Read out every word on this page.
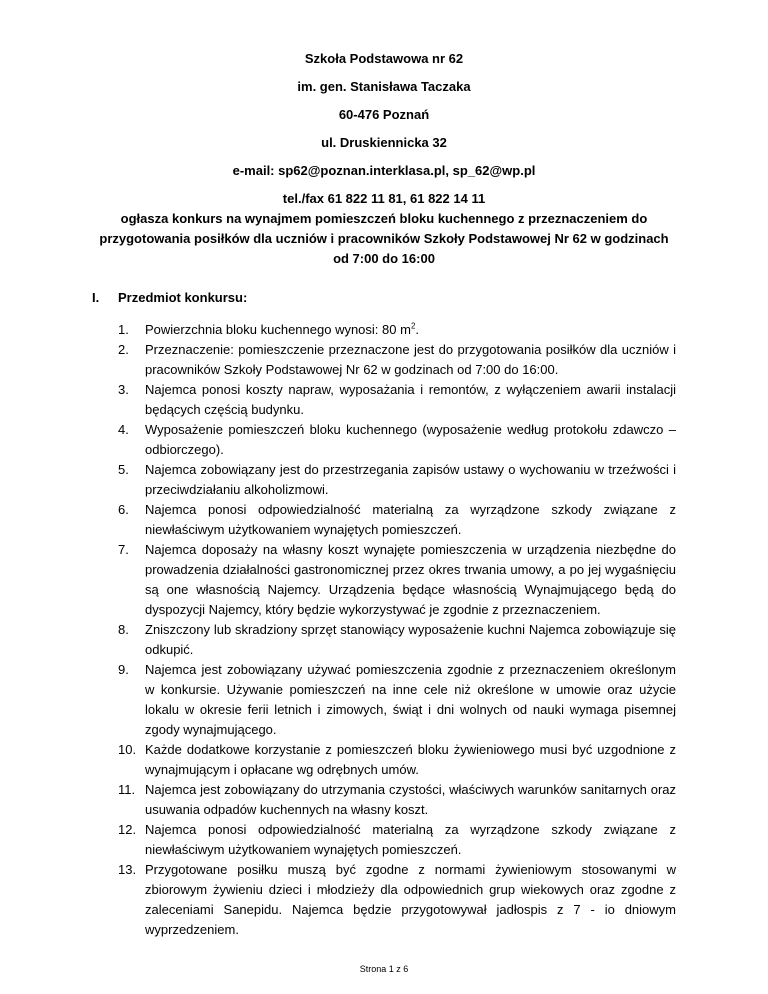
Szkoła Podstawowa nr 62
im. gen. Stanisława Taczaka
60-476 Poznań
ul. Druskiennicka 32
e-mail: sp62@poznan.interklasa.pl, sp_62@wp.pl
tel./fax 61 822 11 81, 61 822 14 11
ogłasza konkurs na wynajmem pomieszczeń bloku kuchennego z przeznaczeniem do przygotowania posiłków dla uczniów i pracowników Szkoły Podstawowej Nr 62 w godzinach od 7:00 do 16:00
I. Przedmiot konkursu:
1. Powierzchnia bloku kuchennego wynosi: 80 $m^2$.
2. Przeznaczenie: pomieszczenie przeznaczone jest do przygotowania posiłków dla uczniów i pracowników Szkoły Podstawowej Nr 62 w godzinach od 7:00 do 16:00.
3. Najemca ponosi koszty napraw, wyposażania i remontów, z wyłączeniem awarii instalacji będących częścią budynku.
4. Wyposażenie pomieszczeń bloku kuchennego (wyposażenie według protokołu zdawczo – odbiorczego).
5. Najemca zobowiązany jest do przestrzegania zapisów ustawy o wychowaniu w trzeźwości i przeciwdziałaniu alkoholizmowi.
6. Najemca ponosi odpowiedzialność materialną za wyrządzone szkody związane z niewłaściwym użytkowaniem wynajętych pomieszczeń.
7. Najemca doposaży na własny koszt wynajęte pomieszczenia w urządzenia niezbędne do prowadzenia działalności gastronomicznej przez okres trwania umowy, a po jej wygaśnięciu są one własnością Najemcy. Urządzenia będące własnością Wynajmującego będą do dyspozycji Najemcy, który będzie wykorzystywać je zgodnie z przeznaczeniem.
8. Zniszczony lub skradziony sprzęt stanowiący wyposażenie kuchni Najemca zobowiązuje się odkupić.
9. Najemca jest zobowiązany używać pomieszczenia zgodnie z przeznaczeniem określonym w konkursie. Używanie pomieszczeń na inne cele niż określone w umowie oraz użycie lokalu w okresie ferii letnich i zimowych, świąt i dni wolnych od nauki wymaga pisemnej zgody wynajmującego.
10. Każde dodatkowe korzystanie z pomieszczeń bloku żywieniowego musi być uzgodnione z wynajmującym i opłacane wg odrębnych umów.
11. Najemca jest zobowiązany do utrzymania czystości, właściwych warunków sanitarnych oraz usuwania odpadów kuchennych na własny koszt.
12. Najemca ponosi odpowiedzialność materialną za wyrządzone szkody związane z niewłaściwym użytkowaniem wynajętych pomieszczeń.
13. Przygotowane posiłku muszą być zgodne z normami żywieniowym stosowanymi w zbiorowym żywieniu dzieci i młodzieży dla odpowiednich grup wiekowych oraz zgodne z zaleceniami Sanepidu. Najemca będzie przygotowywał jadłospis z 7 - io dniowym wyprzedzeniem.
Strona 1 z 6
